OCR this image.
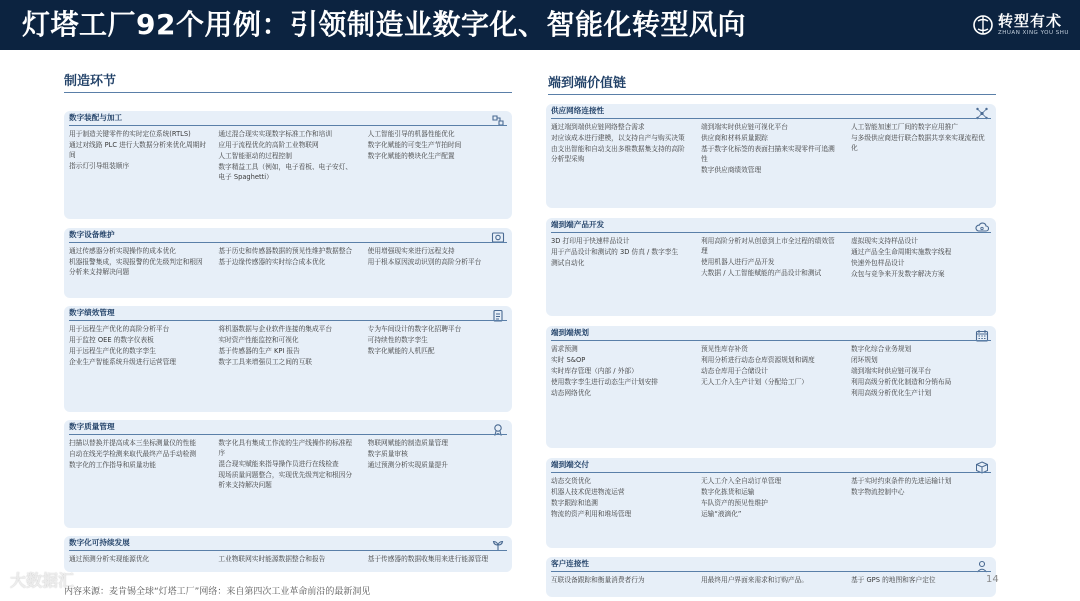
灯塔工厂92个用例：引领制造业数字化、智能化转型风向	转型有术
ZHUAN XING YOU SHU
制造环节
数字装配与加工
用于制造关键零件的实时定位系统(RTLS)
通过对线路 PLC 进行大数据分析来优化周期时间
指示灯引导组装顺序
通过混合现实实现数字标准工作和培训
应用于流程优化的高阶工业物联网
人工智能驱动的过程控制
数字精益工具（例如，电子看板、电子安灯、电子 Spaghetti）
人工智能引导的机器性能优化
数字化赋能的可变生产节拍时间
数字化赋能的模块化生产配置
数字设备维护
通过传感器分析实现操作的成本优化
机器报警集成，实现报警的优先级判定和根因分析来支持解决问题
基于历史和传感器数据的预见性维护数据整合
基于边缘传感器的实时综合成本优化
使用增强现实来进行远程支持
用于根本原因波动识别的高阶分析平台
数字绩效管理
用于远程生产优化的高阶分析平台
用于监控 OEE 的数字仪表板
用于远程生产优化的数字孪生
企业生产智能系统升级进行运营管理
将机器数据与企业软件连接的集成平台
实时资产性能监控和可视化
基于传感器的生产 KPI 报告
数字工具来增强员工之间的互联
专为车间设计的数字化招聘平台
可持续性的数字孪生
数字化赋能的人机匹配
数字质量管理
扫描以替换并提高成本三坐标测量仪的性能
自动在线光学检测来取代最终产品手动检测
数字化的工作指导和质量功能
数字化具有集成工作流的生产线操作的标准程序
混合现实赋能来指导操作员进行在线检查
现场质量问题整合，实现优先级判定和根因分析来支持解决问题
物联网赋能的制造质量管理
数字质量审核
通过预测分析实现质量提升
数字化可持续发展
通过预测分析实现能源优化	工业物联网实时能源数据整合和报告	基于传感器的数据收集用来进行能源管理
端到端价值链
供应网络连接性
通过端到端供应链网络整合需求
对应该成本进行建模，以支持自产与购买决策
由支出智能和自动支出多维数据集支持的高阶分析型采购
端到端实时供应链可视化平台
供应商和材料质量跟踪
基于数字化标签的表面扫描来实现零件可追溯性
数字供应商绩效管理
人工智能加速工厂间的数字应用推广
与多级供应商进行联合数据共享来实现流程优化
端到端产品开发
3D 打印用于快速样品设计
用于产品设计和测试的 3D 仿真 / 数字孪生
测试自动化
利用高阶分析对从创意到上市全过程的绩效管理
使用机器人进行产品开发
大数据 / 人工智能赋能的产品设计和测试
虚拟现实支持样品设计
通过产品全生命周期实施数字线程
快速外包样品设计
众包与竞争来开发数字解决方案
端到端规划
需求预测
实时 S&OP
实时库存管理（内部 / 外部）
使用数字孪生进行动态生产计划安排
动态网络优化
预见性库存补货
利用分析进行动态仓库资源规划和调度
动态仓库用于合储设计
无人工介入生产计划（分配给工厂）
数字化综合业务规划
闭环规划
端到端实时供应链可视平台
利用高级分析优化制造和分销布局
利用高级分析优化生产计划
端到端交付
动态交货优化
机器人技术促进物流运营
数字跟踪和追溯
物流的资产利用和堆场管理
无人工介入全自动订单管理
数字化拣货和运输
车队资产的预见性维护
运输“液滴化”
基于实时约束条件的先进运输计划
数字物流控制中心
客户连接性
互联设备跟踪和衡量消费者行为	用最终用户界面来需求和订购产品。	基于 GPS 的地图和客户定位
大数据汇
内容来源：麦肯锡全球“灯塔工厂”网络：来自第四次工业革命前沿的最新洞见
14
